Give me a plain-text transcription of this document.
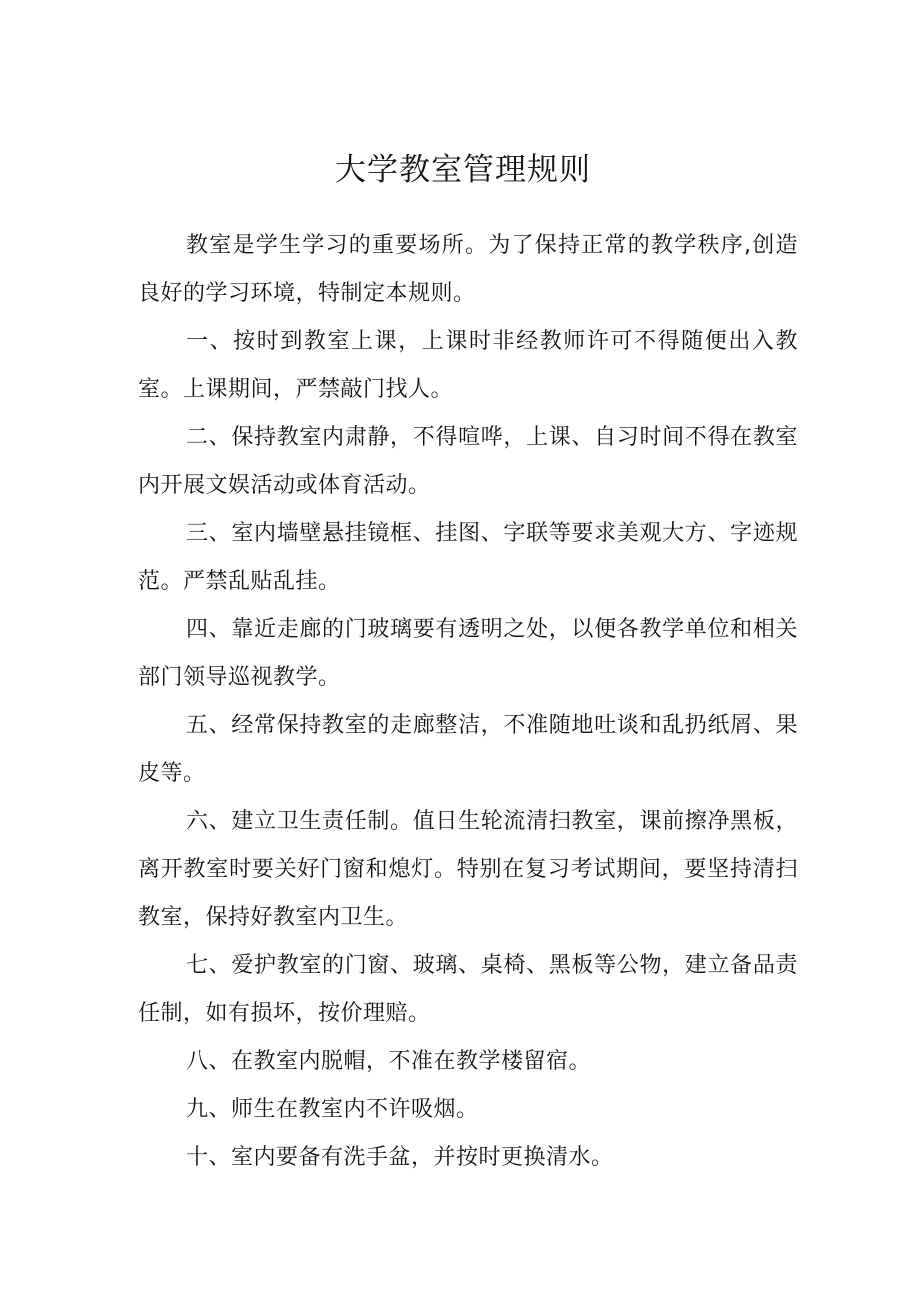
大学教室管理规则

教室是学生学习的重要场所。为了保持正常的教学秩序,创造良好的学习环境，特制定本规则。

一、按时到教室上课，上课时非经教师许可不得随便出入教室。上课期间，严禁敲门找人。

二、保持教室内肃静，不得喧哗，上课、自习时间不得在教室内开展文娱活动或体育活动。

三、室内墙壁悬挂镜框、挂图、字联等要求美观大方、字迹规范。严禁乱贴乱挂。

四、靠近走廊的门玻璃要有透明之处，以便各教学单位和相关部门领导巡视教学。

五、经常保持教室的走廊整洁，不准随地吐谈和乱扔纸屑、果皮等。

六、建立卫生责任制。值日生轮流清扫教室，课前擦净黑板，离开教室时要关好门窗和熄灯。特别在复习考试期间，要坚持清扫教室，保持好教室内卫生。

七、爱护教室的门窗、玻璃、桌椅、黑板等公物，建立备品责任制，如有损坏，按价理赔。

八、在教室内脱帽，不准在教学楼留宿。

九、师生在教室内不许吸烟。

十、室内要备有洗手盆，并按时更换清水。
